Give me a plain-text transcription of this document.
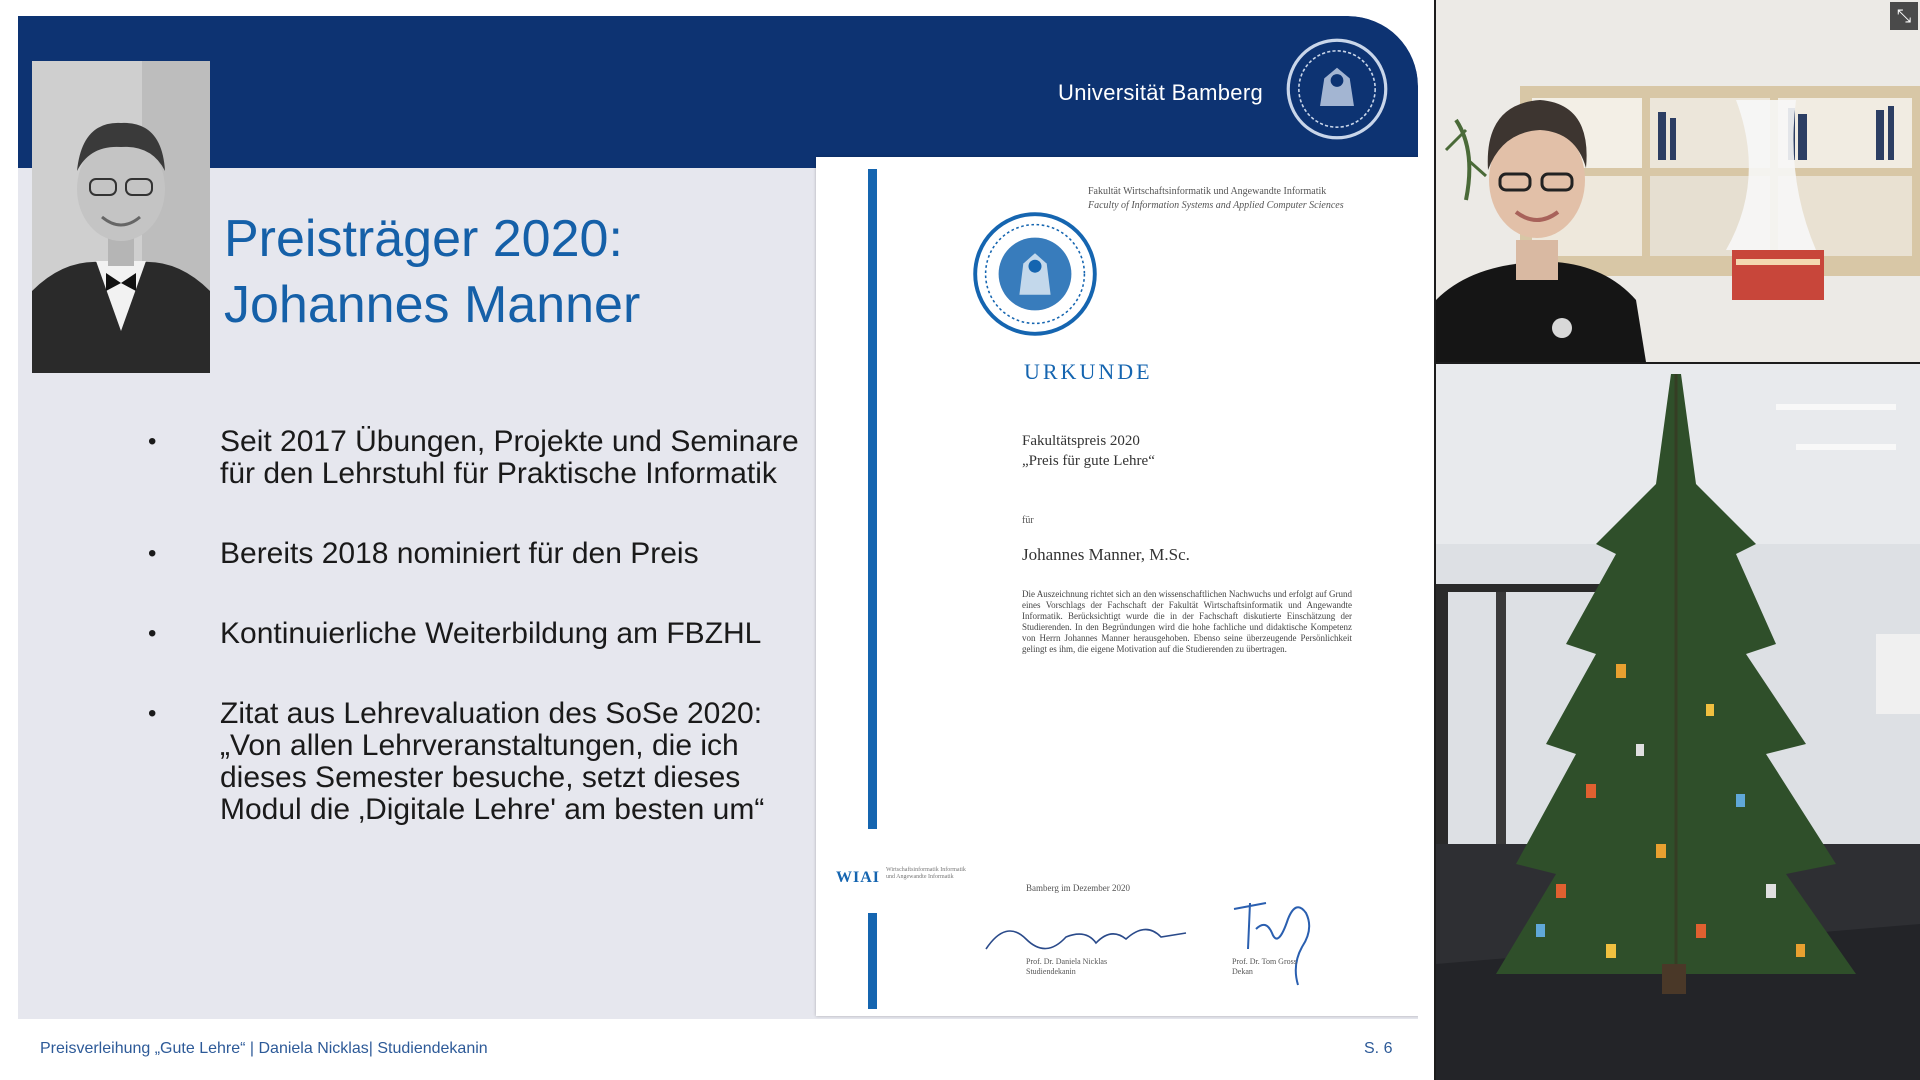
Universität Bamberg
Preisträger 2020:
Johannes Manner
• Seit 2017 Übungen, Projekte und Seminare für den Lehrstuhl für Praktische Informatik
• Bereits 2018 nominiert für den Preis
• Kontinuierliche Weiterbildung am FBZHL
• Zitat aus Lehrevaluation des SoSe 2020: „Von allen Lehrveranstaltungen, die ich dieses Semester besuche, setzt dieses Modul die ‚Digitale Lehre' am besten um“
Fakultät Wirtschaftsinformatik und Angewandte Informatik
Faculty of Information Systems and Applied Computer Sciences
URKUNDE
Fakultätspreis 2020
„Preis für gute Lehre“
für
Johannes Manner, M.Sc.
Die Auszeichnung richtet sich an den wissenschaftlichen Nachwuchs und erfolgt auf Grund eines Vorschlags der Fachschaft der Fakultät Wirtschaftsinformatik und Angewandte Informatik. Berücksichtigt wurde die in der Fachschaft diskutierte Einschätzung der Studierenden. In den Begründungen wird die hohe fachliche und didaktische Kompetenz von Herrn Johannes Manner herausgehoben. Ebenso seine überzeugende Persönlichkeit gelingt es ihm, die eigene Motivation auf die Studierenden zu übertragen.
WIAI Wirtschaftsinformatik Informatik und Angewandte Informatik
Bamberg im Dezember 2020
Prof. Dr. Daniela Nicklas
Studiendekanin
Prof. Dr. Tom Gross
Dekan
Preisverleihung „Gute Lehre“ | Daniela Nicklas| Studiendekanin	S. 6
⤡
